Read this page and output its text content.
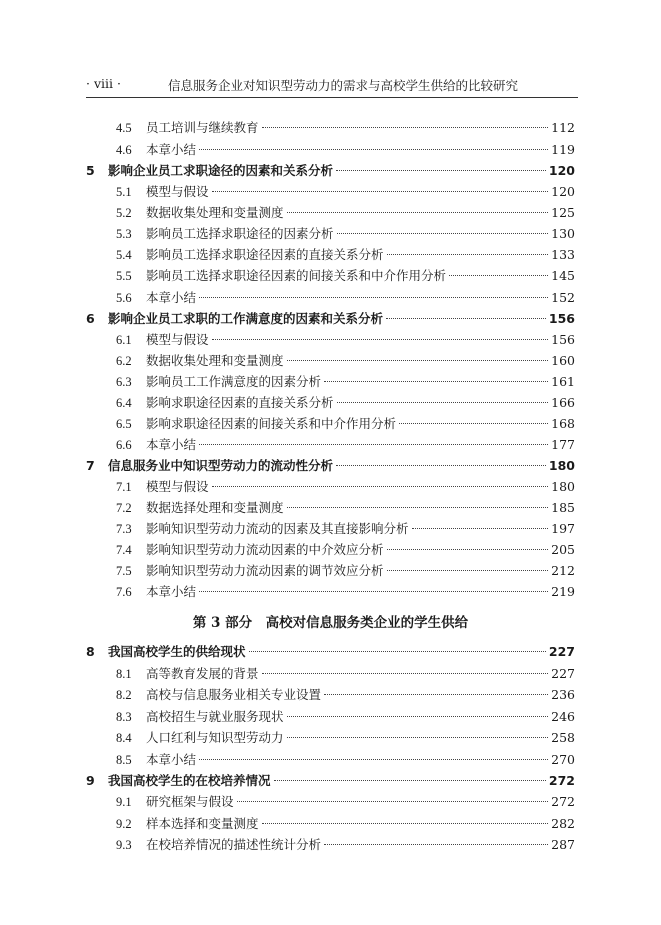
· viii ·	信息服务企业对知识型劳动力的需求与高校学生供给的比较研究
4.5 员工培训与继续教育	112
4.6 本章小结	119
5 影响企业员工求职途径的因素和关系分析	120
5.1 模型与假设	120
5.2 数据收集处理和变量测度	125
5.3 影响员工选择求职途径的因素分析	130
5.4 影响员工选择求职途径因素的直接关系分析	133
5.5 影响员工选择求职途径因素的间接关系和中介作用分析	145
5.6 本章小结	152
6 影响企业员工求职的工作满意度的因素和关系分析	156
6.1 模型与假设	156
6.2 数据收集处理和变量测度	160
6.3 影响员工工作满意度的因素分析	161
6.4 影响求职途径因素的直接关系分析	166
6.5 影响求职途径因素的间接关系和中介作用分析	168
6.6 本章小结	177
7 信息服务业中知识型劳动力的流动性分析	180
7.1 模型与假设	180
7.2 数据选择处理和变量测度	185
7.3 影响知识型劳动力流动的因素及其直接影响分析	197
7.4 影响知识型劳动力流动因素的中介效应分析	205
7.5 影响知识型劳动力流动因素的调节效应分析	212
7.6 本章小结	219
第 3 部分　高校对信息服务类企业的学生供给
8 我国高校学生的供给现状	227
8.1 高等教育发展的背景	227
8.2 高校与信息服务业相关专业设置	236
8.3 高校招生与就业服务现状	246
8.4 人口红利与知识型劳动力	258
8.5 本章小结	270
9 我国高校学生的在校培养情况	272
9.1 研究框架与假设	272
9.2 样本选择和变量测度	282
9.3 在校培养情况的描述性统计分析	287
